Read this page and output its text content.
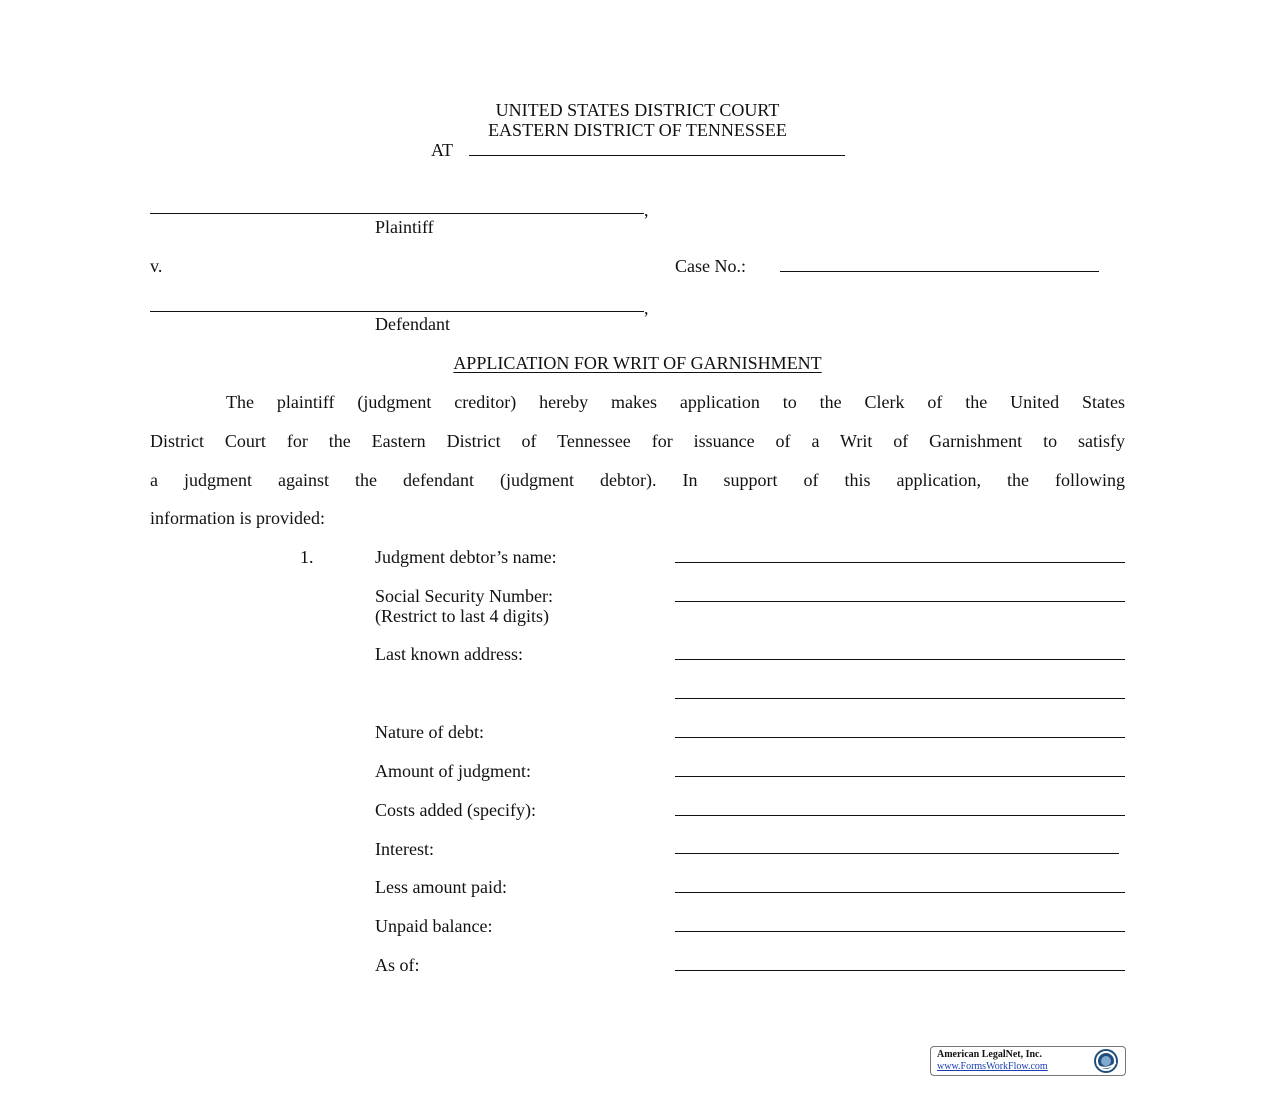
UNITED STATES DISTRICT COURT
EASTERN DISTRICT OF TENNESSEE
AT
,
Plaintiff
v.	Case No.:
,
Defendant
APPLICATION FOR WRIT OF GARNISHMENT
The plaintiff (judgment creditor) hereby makes application to the Clerk of the United States
District Court for the Eastern District of Tennessee for issuance of a Writ of Garnishment to satisfy
a judgment against the defendant (judgment debtor). In support of this application, the following
information is provided:
1.	Judgment debtor’s name:
Social Security Number:
(Restrict to last 4 digits)
Last known address:
Nature of debt:
Amount of judgment:
Costs added (specify):
Interest:
Less amount paid:
Unpaid balance:
As of:
American LegalNet, Inc.
www.FormsWorkFlow.com
